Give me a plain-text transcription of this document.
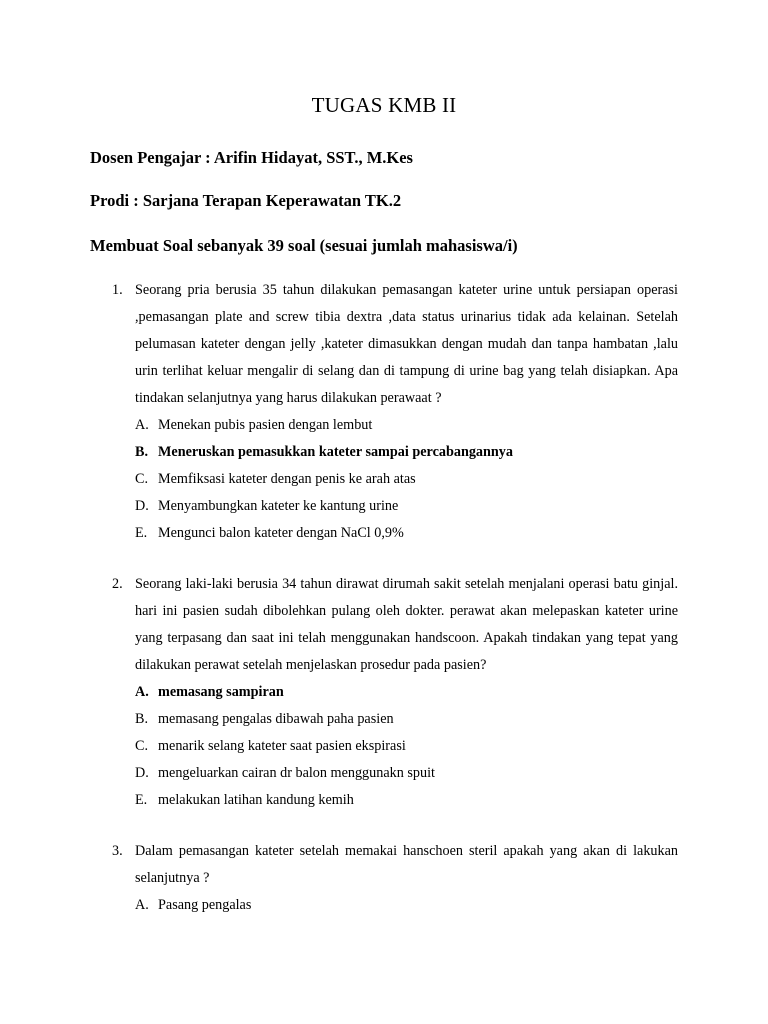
TUGAS KMB II
Dosen Pengajar : Arifin Hidayat, SST., M.Kes
Prodi : Sarjana Terapan Keperawatan TK.2
Membuat Soal sebanyak 39 soal (sesuai jumlah mahasiswa/i)
1. Seorang pria berusia 35 tahun dilakukan pemasangan kateter urine untuk persiapan operasi ,pemasangan plate and screw tibia dextra ,data status urinarius tidak ada kelainan. Setelah pelumasan kateter dengan jelly ,kateter dimasukkan dengan mudah dan tanpa hambatan ,lalu urin terlihat keluar mengalir di selang dan di tampung di urine bag yang telah disiapkan. Apa tindakan selanjutnya yang harus dilakukan perawaat ?
A. Menekan pubis pasien dengan lembut
B. Meneruskan pemasukkan kateter sampai percabangannya
C. Memfiksasi kateter dengan penis ke arah atas
D. Menyambungkan kateter ke kantung urine
E. Mengunci balon kateter dengan NaCl 0,9%
2. Seorang laki-laki berusia 34 tahun dirawat dirumah sakit setelah menjalani operasi batu ginjal. hari ini pasien sudah dibolehkan pulang oleh dokter. perawat akan melepaskan kateter urine yang terpasang dan saat ini telah menggunakan handscoon. Apakah tindakan yang tepat yang dilakukan perawat setelah menjelaskan prosedur pada pasien?
A. memasang sampiran
B. memasang pengalas dibawah paha pasien
C. menarik selang kateter saat pasien ekspirasi
D. mengeluarkan cairan dr balon menggunakn spuit
E. melakukan latihan kandung kemih
3. Dalam pemasangan kateter setelah memakai hanschoen steril apakah yang akan di lakukan selanjutnya ?
A. Pasang pengalas
